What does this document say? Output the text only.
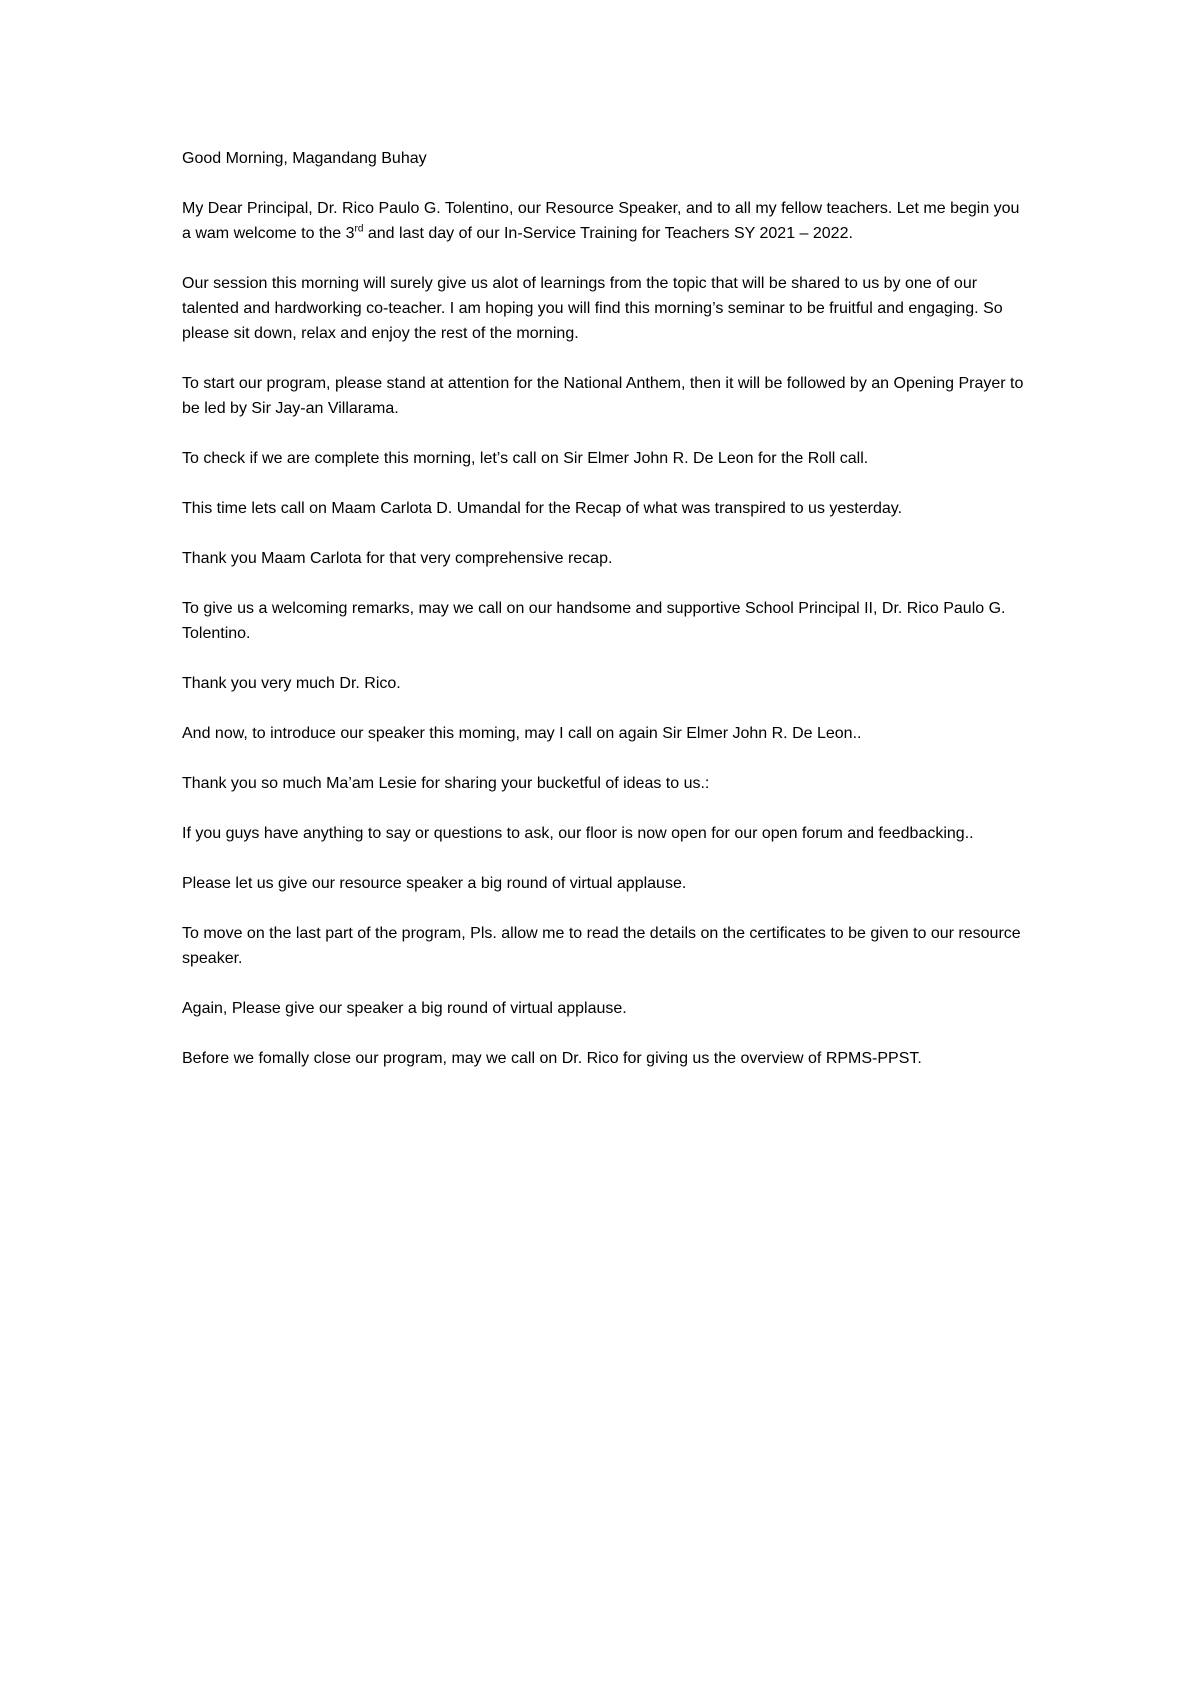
Good Morning, Magandang Buhay

My Dear Principal, Dr. Rico Paulo G. Tolentino, our Resource Speaker, and to all my fellow teachers. Let me begin you a wam welcome to the 3rd and last day of our In-Service Training for Teachers SY 2021 – 2022.

Our session this morning will surely give us alot of learnings from the topic that will be shared to us by one of our talented and hardworking co-teacher. I am hoping you will find this morning’s seminar to be fruitful and engaging. So please sit down, relax and enjoy the rest of the morning.

To start our program, please stand at attention for the National Anthem, then it will be followed by an Opening Prayer to be led by Sir Jay-an Villarama.

To check if we are complete this morning, let’s call on Sir Elmer John R. De Leon for the Roll call.

This time lets call on Maam Carlota D. Umandal for the Recap of what was transpired to us yesterday.

Thank you Maam Carlota for that very comprehensive recap.

To give us a welcoming remarks, may we call on our handsome and supportive School Principal II, Dr. Rico Paulo G. Tolentino.

Thank you very much Dr. Rico.

And now, to introduce our speaker this moming, may I call on again Sir Elmer John R. De Leon..

Thank you so much Ma’am Lesie for sharing your bucketful of ideas to us.:

If you guys have anything to say or questions to ask, our floor is now open for our open forum and feedbacking..

Please let us give our resource speaker a big round of virtual applause.

To move on the last part of the program, Pls. allow me to read the details on the certificates to be given to our resource speaker.

Again, Please give our speaker a big round of virtual applause.

Before we fomally close our program, may we call on Dr. Rico for giving us the overview of RPMS-PPST.
